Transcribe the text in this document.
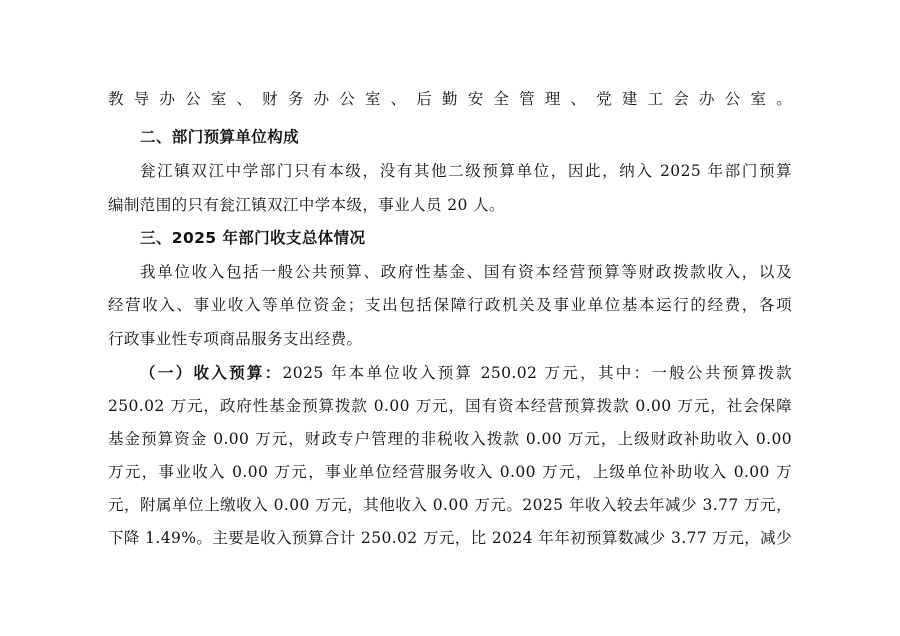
教导办公室、财务办公室、后勤安全管理、党建工会办公室。
二、部门预算单位构成
瓮江镇双江中学部门只有本级，没有其他二级预算单位，因此，纳入 2025 年部门预算
编制范围的只有瓮江镇双江中学本级，事业人员 20 人。
三、2025 年部门收支总体情况
我单位收入包括一般公共预算、政府性基金、国有资本经营预算等财政拨款收入，以及
经营收入、事业收入等单位资金；支出包括保障行政机关及事业单位基本运行的经费，各项
行政事业性专项商品服务支出经费。
（一）收入预算：2025 年本单位收入预算 250.02 万元，其中：一般公共预算拨款
250.02 万元，政府性基金预算拨款 0.00 万元，国有资本经营预算拨款 0.00 万元，社会保障
基金预算资金 0.00 万元，财政专户管理的非税收入拨款 0.00 万元，上级财政补助收入 0.00
万元，事业收入 0.00 万元，事业单位经营服务收入 0.00 万元，上级单位补助收入 0.00 万
元，附属单位上缴收入 0.00 万元，其他收入 0.00 万元。2025 年收入较去年减少 3.77 万元，
下降 1.49%。主要是收入预算合计 250.02 万元，比 2024 年年初预算数减少 3.77 万元，减少
